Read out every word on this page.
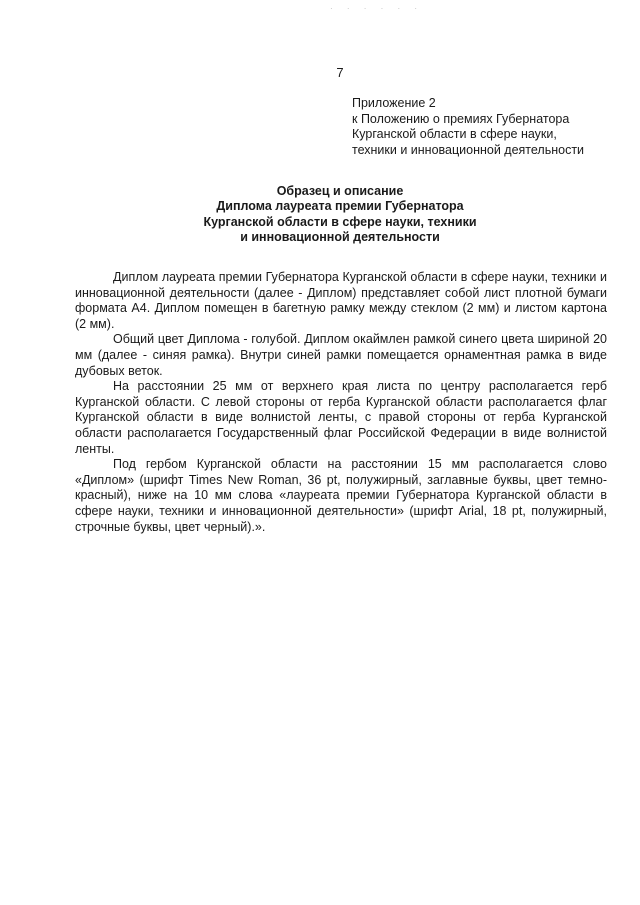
· · · · · ·
7
Приложение 2
к Положению о премиях Губернатора
Курганской области в сфере науки,
техники и инновационной деятельности
Образец и описание
Диплома лауреата премии Губернатора
Курганской области в сфере науки, техники
и инновационной деятельности

Диплом лауреата премии Губернатора Курганской области в сфере науки, техники и инновационной деятельности (далее - Диплом) представляет собой лист плотной бумаги формата А4. Диплом помещен в багетную рамку между стеклом (2 мм) и листом картона (2 мм).

Общий цвет Диплома - голубой. Диплом окаймлен рамкой синего цвета шириной 20 мм (далее - синяя рамка). Внутри синей рамки помещается орнаментная рамка в виде дубовых веток.

На расстоянии 25 мм от верхнего края листа по центру располагается герб Курганской области. С левой стороны от герба Курганской области располагается флаг Курганской области в виде волнистой ленты, с правой стороны от герба Курганской области располагается Государственный флаг Российской Федерации в виде волнистой ленты.

Под гербом Курганской области на расстоянии 15 мм располагается слово «Диплом» (шрифт Times New Roman, 36 pt, полужирный, заглавные буквы, цвет темно-красный), ниже на 10 мм слова «лауреата премии Губернатора Курганской области в сфере науки, техники и инновационной деятельности» (шрифт Arial, 18 pt, полужирный, строчные буквы, цвет черный).».
